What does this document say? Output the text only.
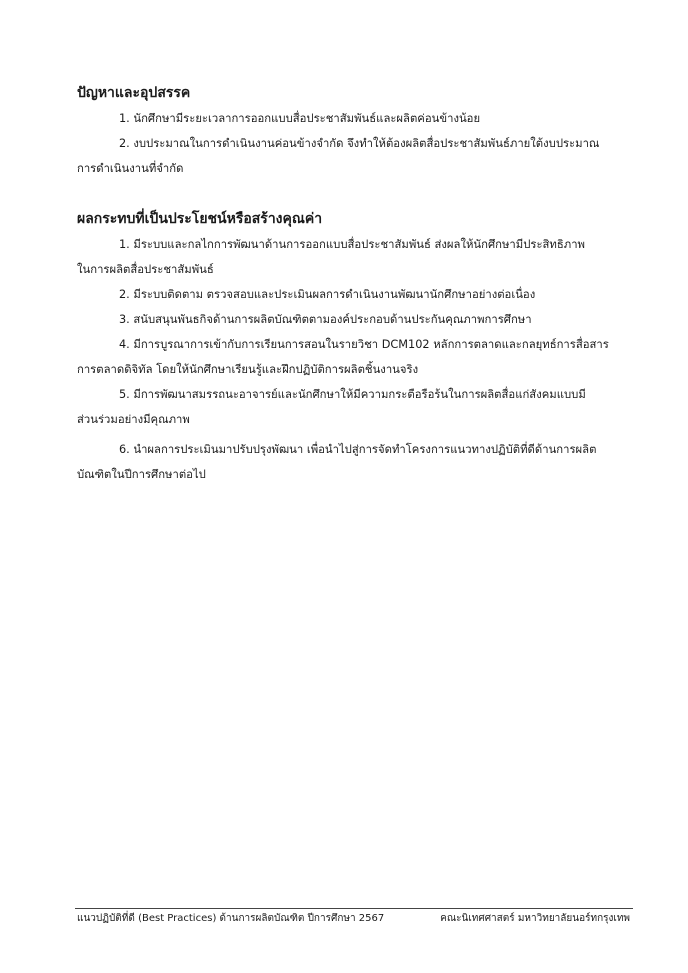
ปัญหาและอุปสรรค
1. นักศึกษามีระยะเวลาการออกแบบสื่อประชาสัมพันธ์และผลิตค่อนข้างน้อย
2. งบประมาณในการดำเนินงานค่อนข้างจำกัด จึงทำให้ต้องผลิตสื่อประชาสัมพันธ์ภายใต้งบประมาณ
การดำเนินงานที่จำกัด
ผลกระทบที่เป็นประโยชน์หรือสร้างคุณค่า
1. มีระบบและกลไกการพัฒนาด้านการออกแบบสื่อประชาสัมพันธ์ ส่งผลให้นักศึกษามีประสิทธิภาพ
ในการผลิตสื่อประชาสัมพันธ์
2. มีระบบติดตาม ตรวจสอบและประเมินผลการดำเนินงานพัฒนานักศึกษาอย่างต่อเนื่อง
3. สนับสนุนพันธกิจด้านการผลิตบัณฑิตตามองค์ประกอบด้านประกันคุณภาพการศึกษา
4. มีการบูรณาการเข้ากับการเรียนการสอนในรายวิชา DCM102 หลักการตลาดและกลยุทธ์การสื่อสาร
การตลาดดิจิทัล โดยให้นักศึกษาเรียนรู้และฝึกปฏิบัติการผลิตชิ้นงานจริง
5. มีการพัฒนาสมรรถนะอาจารย์และนักศึกษาให้มีความกระตือรือร้นในการผลิตสื่อแก่สังคมแบบมี
ส่วนร่วมอย่างมีคุณภาพ
6. นำผลการประเมินมาปรับปรุงพัฒนา เพื่อนำไปสู่การจัดทำโครงการแนวทางปฏิบัติที่ดีด้านการผลิต
บัณฑิตในปีการศึกษาต่อไป
แนวปฏิบัติที่ดี (Best Practices) ด้านการผลิตบัณฑิต ปีการศึกษา 2567	คณะนิเทศศาสตร์ มหาวิทยาลัยนอร์ทกรุงเทพ
